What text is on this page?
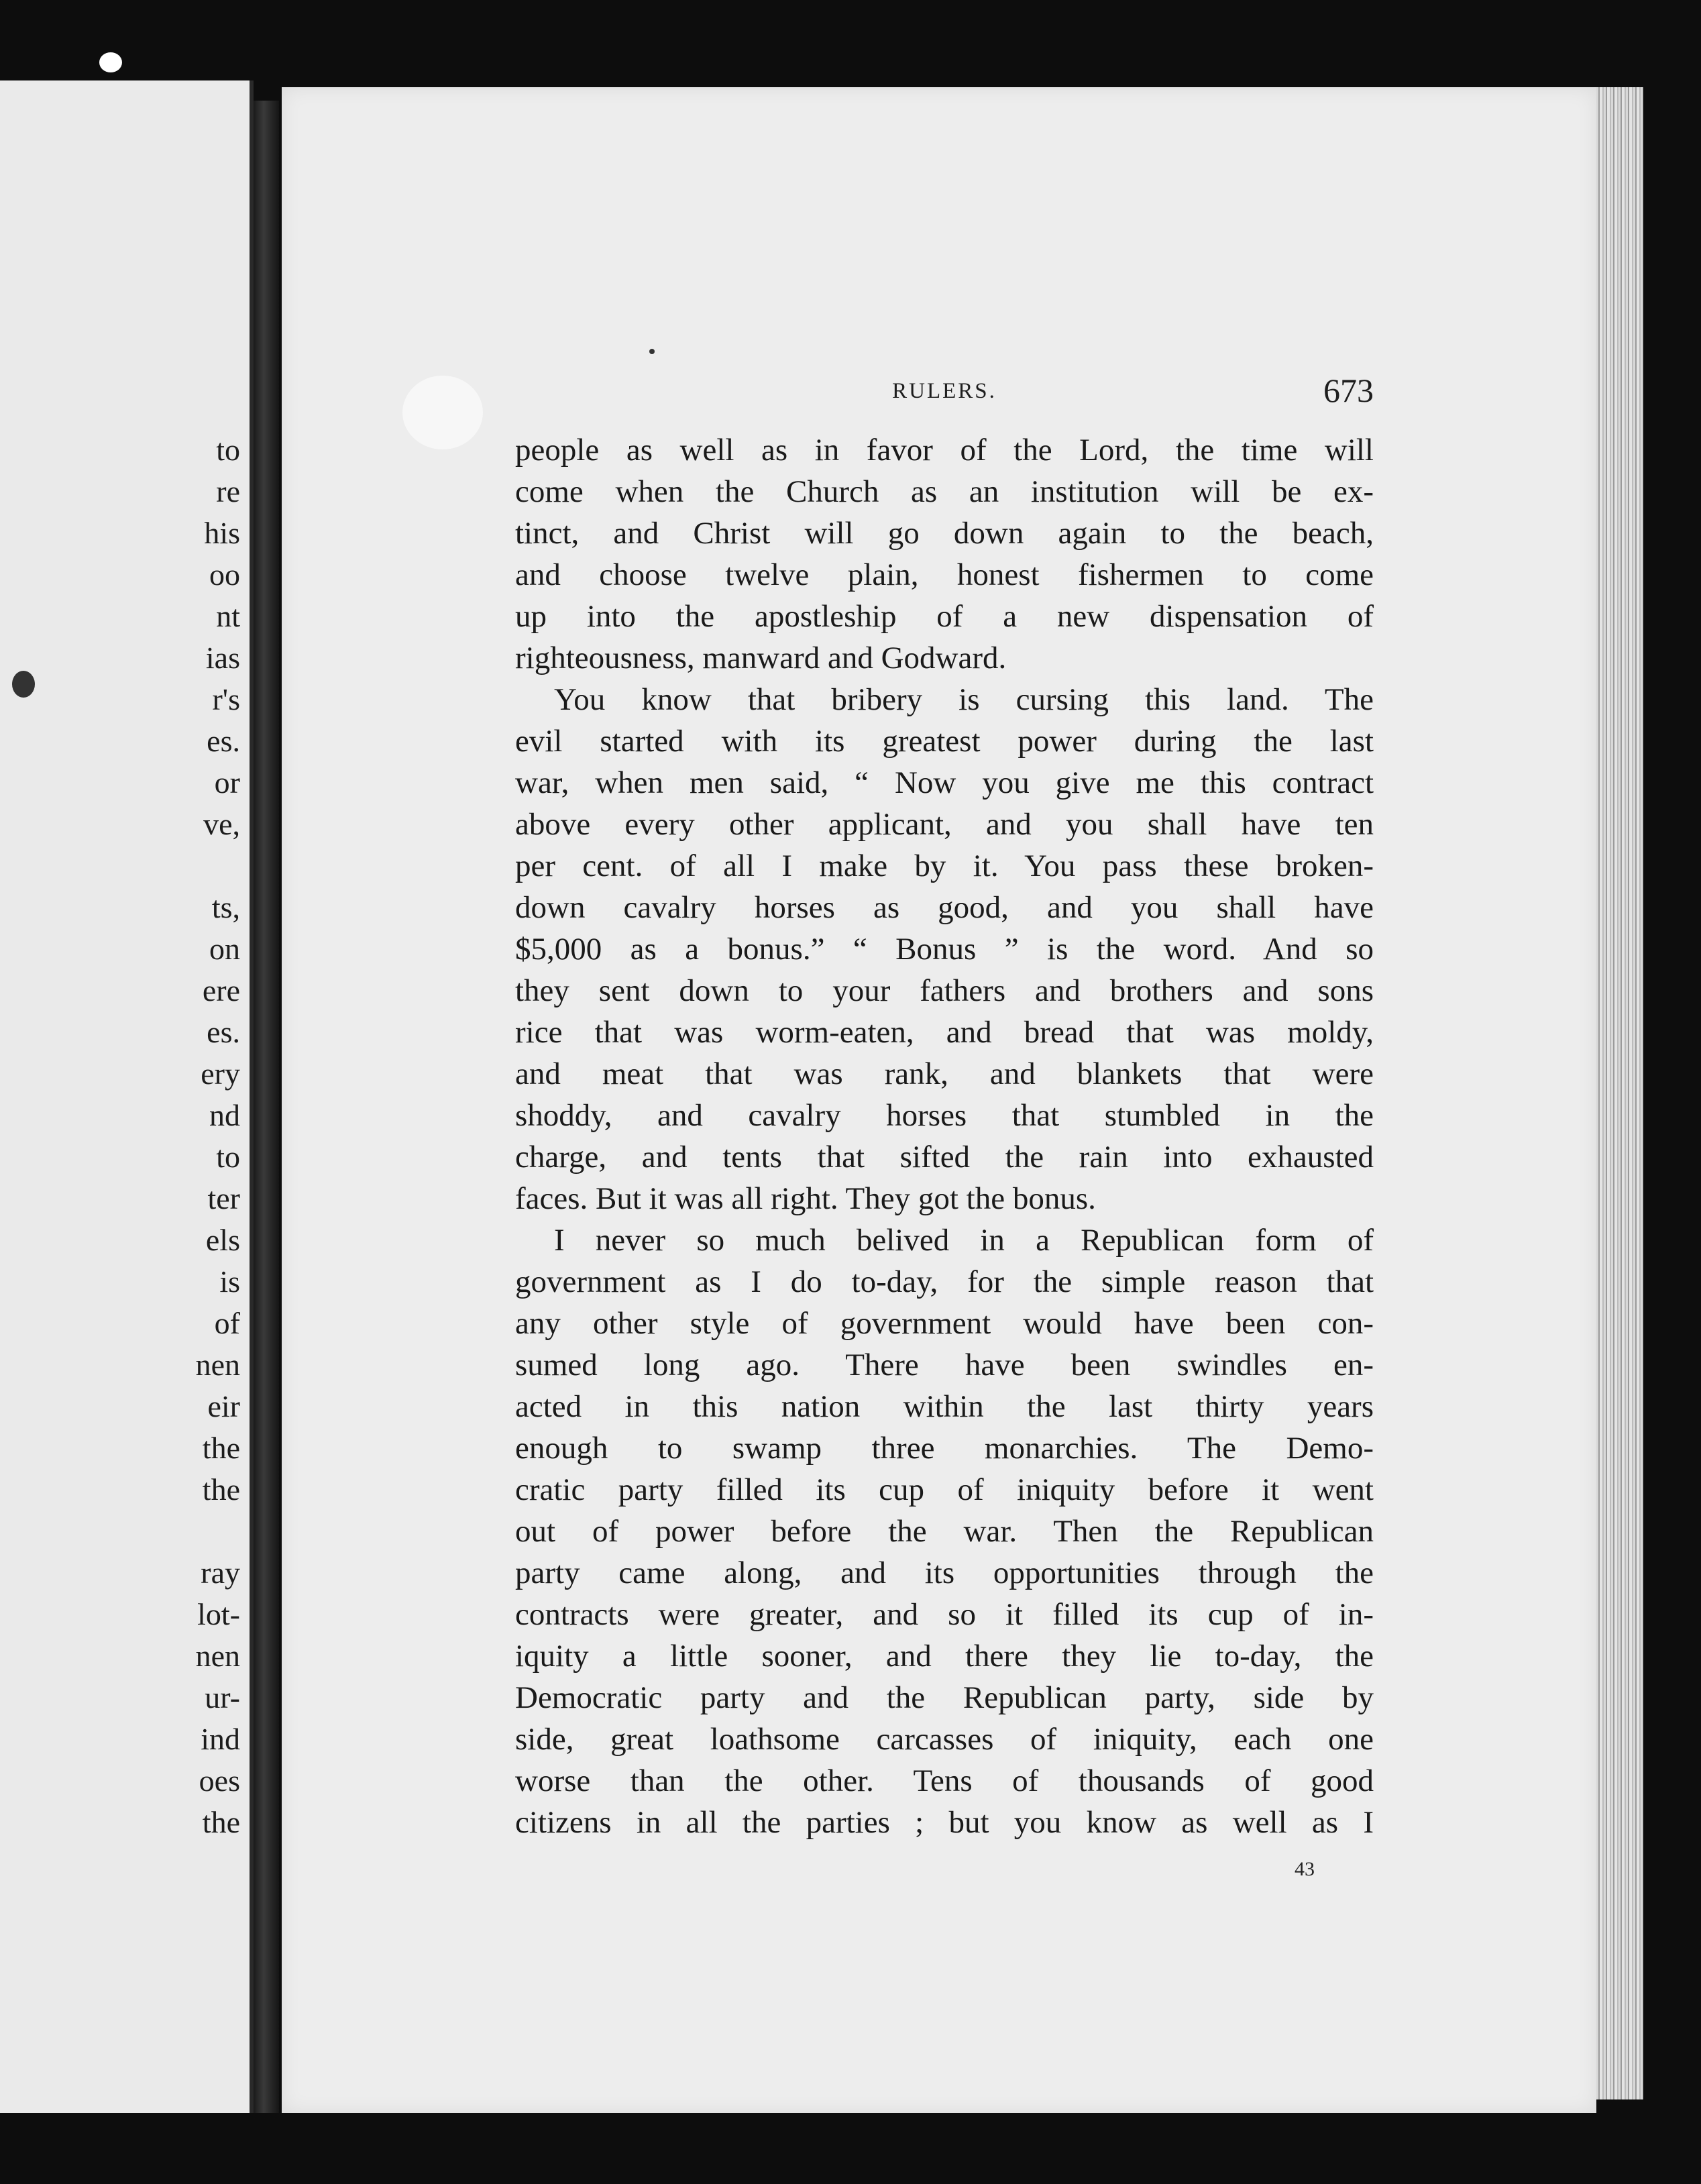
to
re
his
oo
nt
ias
r's
es.
or
ve,
ts,
on
ere
es.
ery
nd
to
ter
els
is
of
nen
eir
the
the
ray
lot-
nen
ur-
ind
oes
the
RULERS.	673
people as well as in favor of the Lord, the time will
come when the Church as an institution will be ex-
tinct, and Christ will go down again to the beach,
and choose twelve plain, honest fishermen to come
up into the apostleship of a new dispensation of
righteousness, manward and Godward.
You know that bribery is cursing this land. The
evil started with its greatest power during the last
war, when men said, “ Now you give me this contract
above every other applicant, and you shall have ten
per cent. of all I make by it. You pass these broken-
down cavalry horses as good, and you shall have
$5,000 as a bonus.” “ Bonus ” is the word. And so
they sent down to your fathers and brothers and sons
rice that was worm-eaten, and bread that was moldy,
and meat that was rank, and blankets that were
shoddy, and cavalry horses that stumbled in the
charge, and tents that sifted the rain into exhausted
faces. But it was all right. They got the bonus.
I never so much belived in a Republican form of
government as I do to-day, for the simple reason that
any other style of government would have been con-
sumed long ago. There have been swindles en-
acted in this nation within the last thirty years
enough to swamp three monarchies. The Demo-
cratic party filled its cup of iniquity before it went
out of power before the war. Then the Republican
party came along, and its opportunities through the
contracts were greater, and so it filled its cup of in-
iquity a little sooner, and there they lie to-day, the
Democratic party and the Republican party, side by
side, great loathsome carcasses of iniquity, each one
worse than the other. Tens of thousands of good
citizens in all the parties ; but you know as well as I
43
